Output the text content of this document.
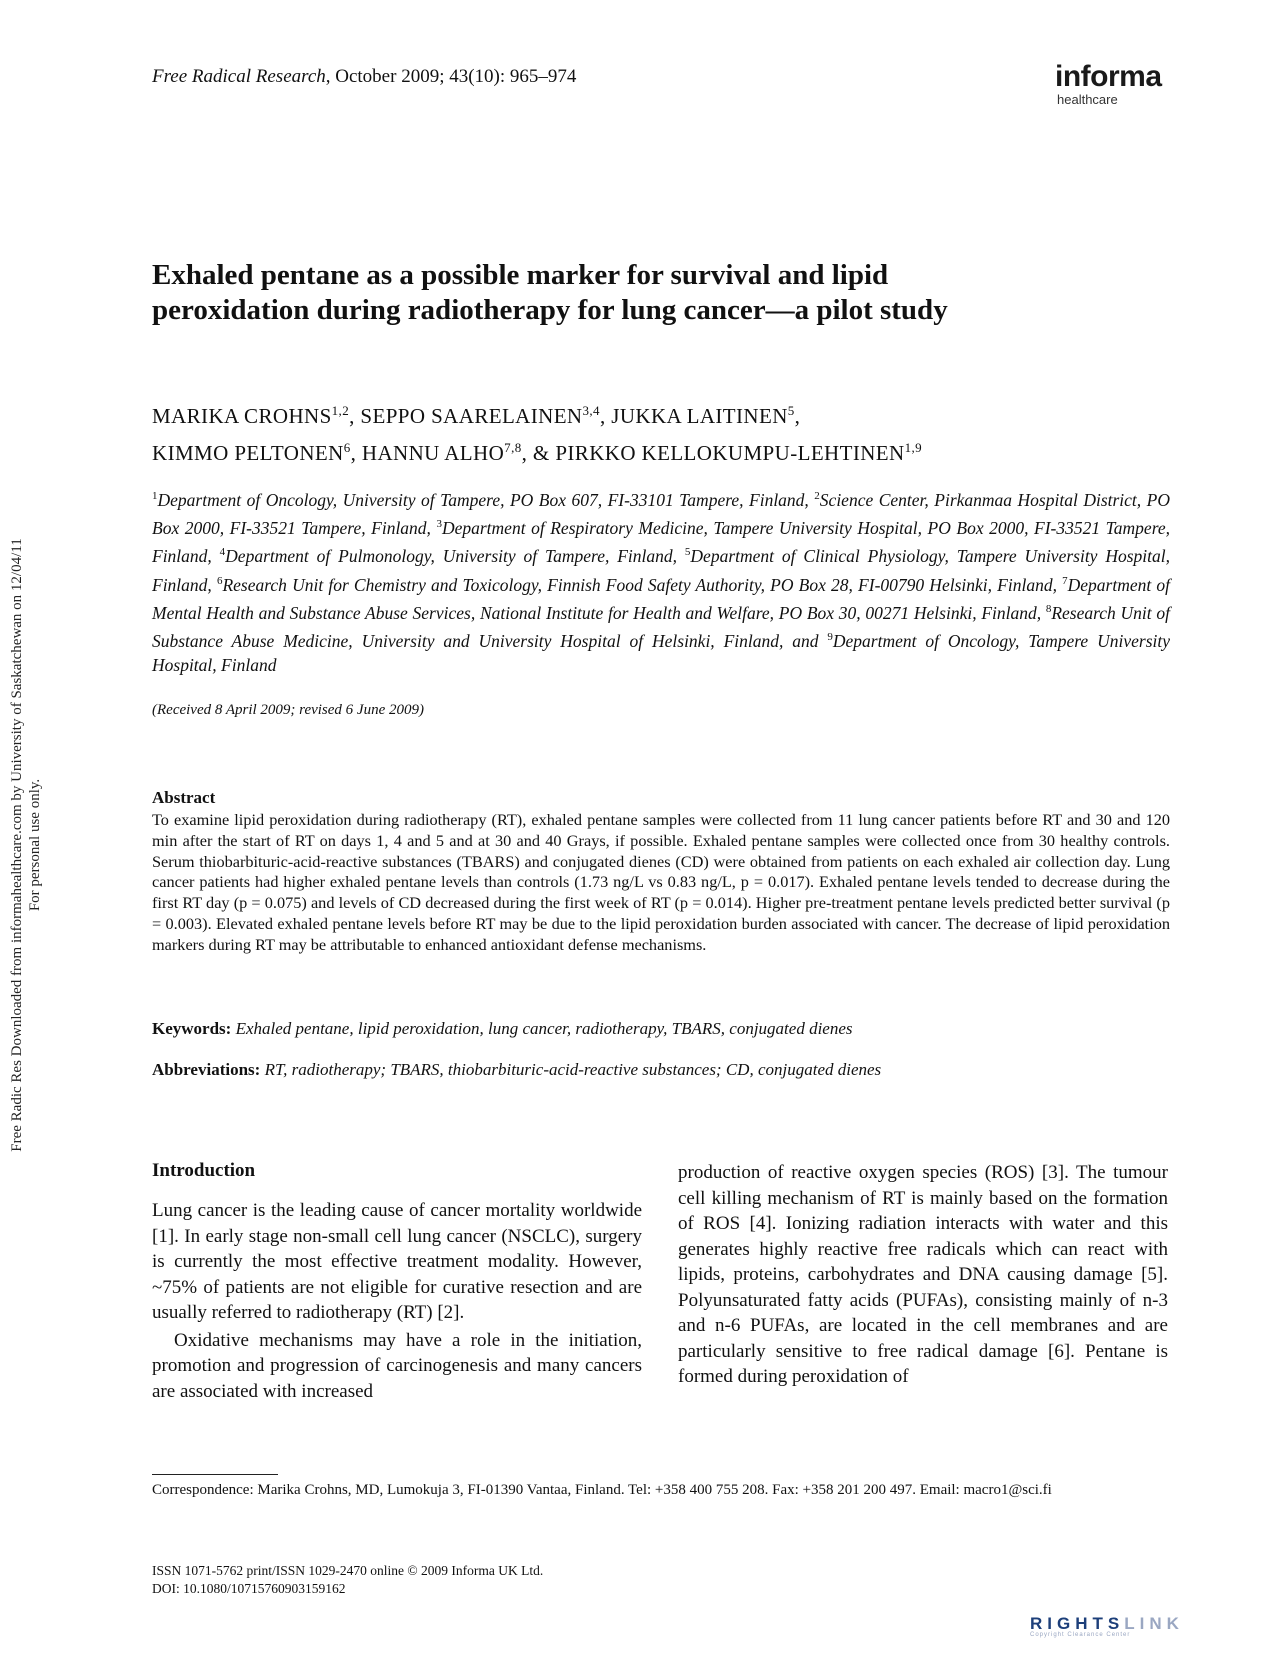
Free Radical Research, October 2009; 43(10): 965–974	informa
healthcare
Free Radic Res Downloaded from informahealthcare.com by University of Saskatchewan on 12/04/11 For personal use only.
Exhaled pentane as a possible marker for survival and lipid
peroxidation during radiotherapy for lung cancer—a pilot study
MARIKA CROHNS$^{1,2}$, SEPPO SAARELAINEN$^{3,4}$, JUKKA LAITINEN$^5$,
KIMMO PELTONEN$^6$, HANNU ALHO$^{7,8}$, & PIRKKO KELLOKUMPU-LEHTINEN$^{1,9}$
$^1$Department of Oncology, University of Tampere, PO Box 607, FI-33101 Tampere, Finland, $^2$Science Center, Pirkanmaa Hospital District, PO Box 2000, FI-33521 Tampere, Finland, $^3$Department of Respiratory Medicine, Tampere University Hospital, PO Box 2000, FI-33521 Tampere, Finland, $^4$Department of Pulmonology, University of Tampere, Finland, $^5$Department of Clinical Physiology, Tampere University Hospital, Finland, $^6$Research Unit for Chemistry and Toxicology, Finnish Food Safety Authority, PO Box 28, FI-00790 Helsinki, Finland, $^7$Department of Mental Health and Substance Abuse Services, National Institute for Health and Welfare, PO Box 30, 00271 Helsinki, Finland, $^8$Research Unit of Substance Abuse Medicine, University and University Hospital of Helsinki, Finland, and $^9$Department of Oncology, Tampere University Hospital, Finland
(Received 8 April 2009; revised 6 June 2009)
Abstract
To examine lipid peroxidation during radiotherapy (RT), exhaled pentane samples were collected from 11 lung cancer patients before RT and 30 and 120 min after the start of RT on days 1, 4 and 5 and at 30 and 40 Grays, if possible. Exhaled pentane samples were collected once from 30 healthy controls. Serum thiobarbituric-acid-reactive substances (TBARS) and conjugated dienes (CD) were obtained from patients on each exhaled air collection day. Lung cancer patients had higher exhaled pentane levels than controls (1.73 ng/L vs 0.83 ng/L, p = 0.017). Exhaled pentane levels tended to decrease during the first RT day (p = 0.075) and levels of CD decreased during the first week of RT (p = 0.014). Higher pre-treatment pentane levels predicted better survival (p = 0.003). Elevated exhaled pentane levels before RT may be due to the lipid peroxidation burden associated with cancer. The decrease of lipid peroxidation markers during RT may be attributable to enhanced antioxidant defense mechanisms.
Keywords: Exhaled pentane, lipid peroxidation, lung cancer, radiotherapy, TBARS, conjugated dienes
Abbreviations: RT, radiotherapy; TBARS, thiobarbituric-acid-reactive substances; CD, conjugated dienes
Introduction

Lung cancer is the leading cause of cancer mortality worldwide [1]. In early stage non-small cell lung cancer (NSCLC), surgery is currently the most effective treatment modality. However, ~75% of patients are not eligible for curative resection and are usually referred to radiotherapy (RT) [2].

Oxidative mechanisms may have a role in the initiation, promotion and progression of carcinogenesis and many cancers are associated with increased

production of reactive oxygen species (ROS) [3]. The tumour cell killing mechanism of RT is mainly based on the formation of ROS [4]. Ionizing radiation interacts with water and this generates highly reactive free radicals which can react with lipids, proteins, carbohydrates and DNA causing damage [5]. Polyunsaturated fatty acids (PUFAs), consisting mainly of n-3 and n-6 PUFAs, are located in the cell membranes and are particularly sensitive to free radical damage [6]. Pentane is formed during peroxidation of

Correspondence: Marika Crohns, MD, Lumokuja 3, FI-01390 Vantaa, Finland. Tel: +358 400 755 208. Fax: +358 201 200 497. Email: macro1@sci.fi
ISSN 1071-5762 print/ISSN 1029-2470 online © 2009 Informa UK Ltd.
DOI: 10.1080/10715760903159162
RIGHTSLINK
Copyright Clearance Center
